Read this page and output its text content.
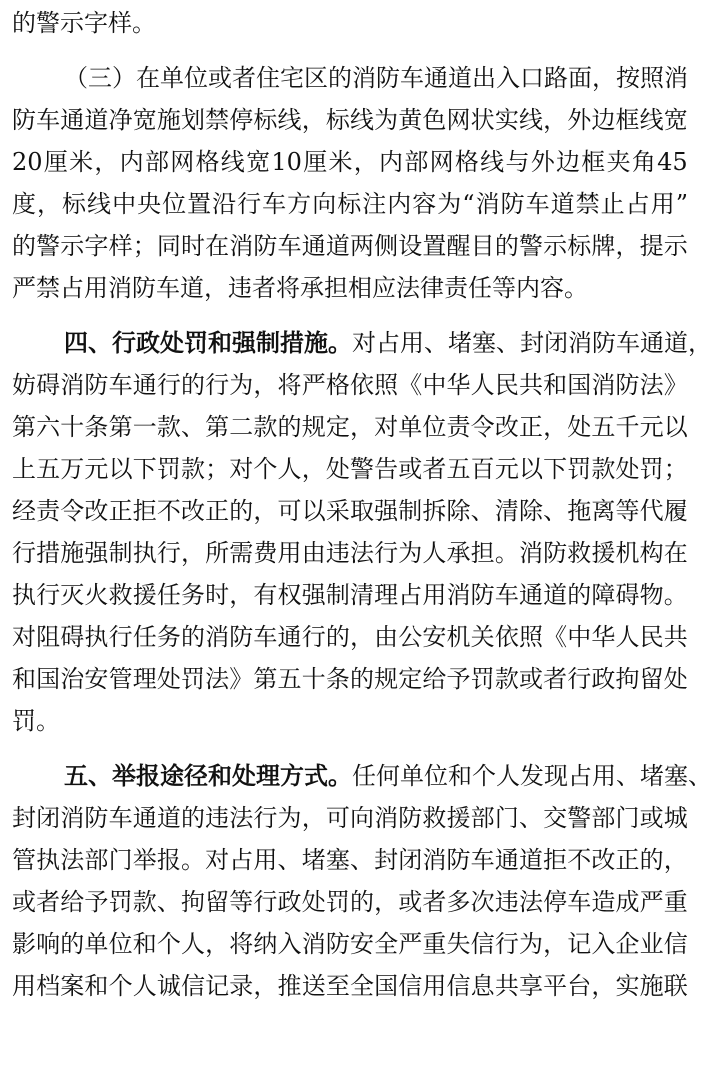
的 警 示 字 样 。
（ 三 ） 在 单 位 或 者 住 宅 区 的 消 防 车 通 道 出 入 口 路 面 ， 按 照 消
防 车 通 道 净 宽 施 划 禁 停 标 线 ， 标 线 为 黄 色 网 状 实 线 ， 外 边 框 线 宽
20 厘 米 ， 内 部 网 格 线 宽 10 厘 米 ， 内 部 网 格 线 与 外 边 框 夹 角 45
度 ， 标 线 中 央 位 置 沿 行 车 方 向 标 注 内 容 为 “ 消 防 车 道 禁 止 占 用 ”
的 警 示 字 样 ； 同 时 在 消 防 车 通 道 两 侧 设 置 醒 目 的 警 示 标 牌 ， 提 示
严 禁 占 用 消 防 车 道 ， 违 者 将 承 担 相 应 法 律 责 任 等 内 容 。
四 、 行 政 处 罚 和 强 制 措 施 。 对 占 用 、 堵 塞 、 封 闭 消 防 车 通 道 ，
妨 碍 消 防 车 通 行 的 行 为 ， 将 严 格 依 照 《 中 华 人 民 共 和 国 消 防 法 》
第 六 十 条 第 一 款 、 第 二 款 的 规 定 ， 对 单 位 责 令 改 正 ， 处 五 千 元 以
上 五 万 元 以 下 罚 款 ； 对 个 人 ， 处 警 告 或 者 五 百 元 以 下 罚 款 处 罚 ；
经 责 令 改 正 拒 不 改 正 的 ， 可 以 采 取 强 制 拆 除 、 清 除 、 拖 离 等 代 履
行 措 施 强 制 执 行 ， 所 需 费 用 由 违 法 行 为 人 承 担 。 消 防 救 援 机 构 在
执 行 灭 火 救 援 任 务 时 ， 有 权 强 制 清 理 占 用 消 防 车 通 道 的 障 碍 物 。
对 阻 碍 执 行 任 务 的 消 防 车 通 行 的 ， 由 公 安 机 关 依 照 《 中 华 人 民 共
和 国 治 安 管 理 处 罚 法 》 第 五 十 条 的 规 定 给 予 罚 款 或 者 行 政 拘 留 处
罚 。
五 、 举 报 途 径 和 处 理 方 式 。 任 何 单 位 和 个 人 发 现 占 用 、 堵 塞 、
封 闭 消 防 车 通 道 的 违 法 行 为 ， 可 向 消 防 救 援 部 门 、 交 警 部 门 或 城
管 执 法 部 门 举 报 。 对 占 用 、 堵 塞 、 封 闭 消 防 车 通 道 拒 不 改 正 的 ，
或 者 给 予 罚 款 、 拘 留 等 行 政 处 罚 的 ， 或 者 多 次 违 法 停 车 造 成 严 重
影 响 的 单 位 和 个 人 ， 将 纳 入 消 防 安 全 严 重 失 信 行 为 ， 记 入 企 业 信
用 档 案 和 个 人 诚 信 记 录 ， 推 送 至 全 国 信 用 信 息 共 享 平 台 ， 实 施 联
